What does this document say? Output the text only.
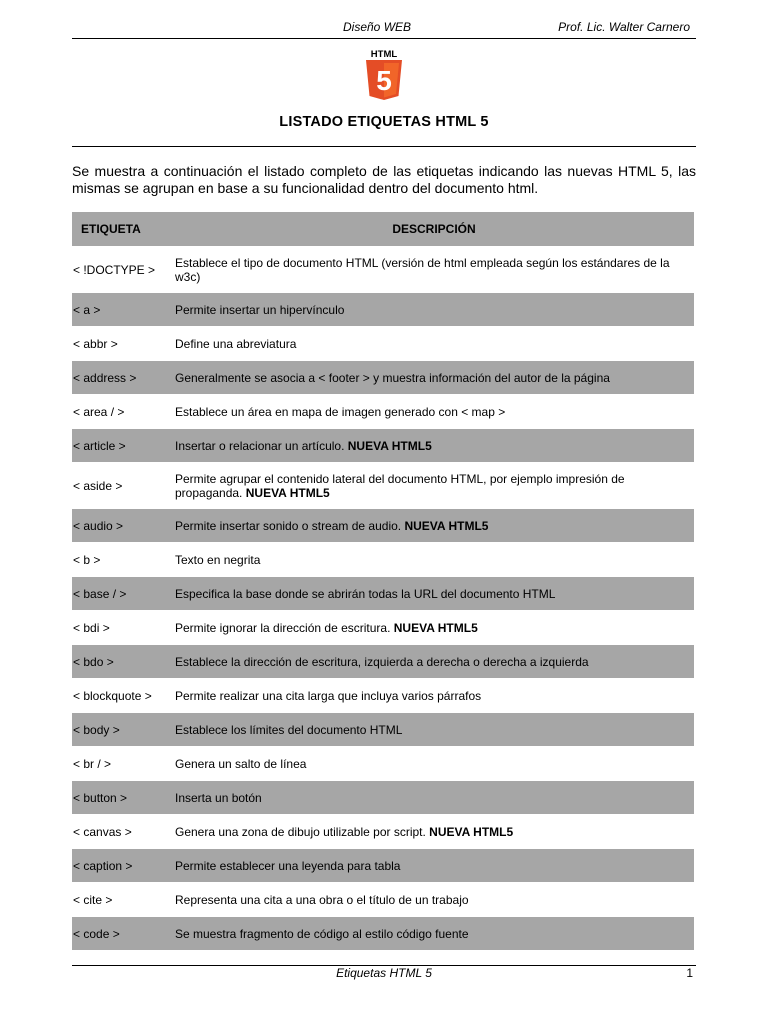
Diseño WEB	Prof. Lic. Walter Carnero
HTML
5
LISTADO ETIQUETAS HTML 5
Se muestra a continuación el listado completo de las etiquetas indicando las nuevas HTML 5, las mismas se agrupan en base a su funcionalidad dentro del documento html.
ETIQUETA	DESCRIPCIÓN
< !DOCTYPE >	Establece el tipo de documento HTML (versión de html empleada según los estándares de la w3c)
< a >	Permite insertar un hipervínculo
< abbr >	Define una abreviatura
< address >	Generalmente se asocia a < footer > y muestra información del autor de la página
< area / >	Establece un área en mapa de imagen generado con < map >
< article >	Insertar o relacionar un artículo. NUEVA HTML5
< aside >	Permite agrupar el contenido lateral del documento HTML, por ejemplo impresión de propaganda. NUEVA HTML5
< audio >	Permite insertar sonido o stream de audio. NUEVA HTML5
< b >	Texto en negrita
< base / >	Especifica la base donde se abrirán todas la URL del documento HTML
< bdi >	Permite ignorar la dirección de escritura. NUEVA HTML5
< bdo >	Establece la dirección de escritura, izquierda a derecha o derecha a izquierda
< blockquote >	Permite realizar una cita larga que incluya varios párrafos
< body >	Establece los límites del documento HTML
< br / >	Genera un salto de línea
< button >	Inserta un botón
< canvas >	Genera una zona de dibujo utilizable por script. NUEVA HTML5
< caption >	Permite establecer una leyenda para tabla
< cite >	Representa una cita a una obra o el título de un trabajo
< code >	Se muestra fragmento de código al estilo código fuente
Etiquetas HTML 5	1
